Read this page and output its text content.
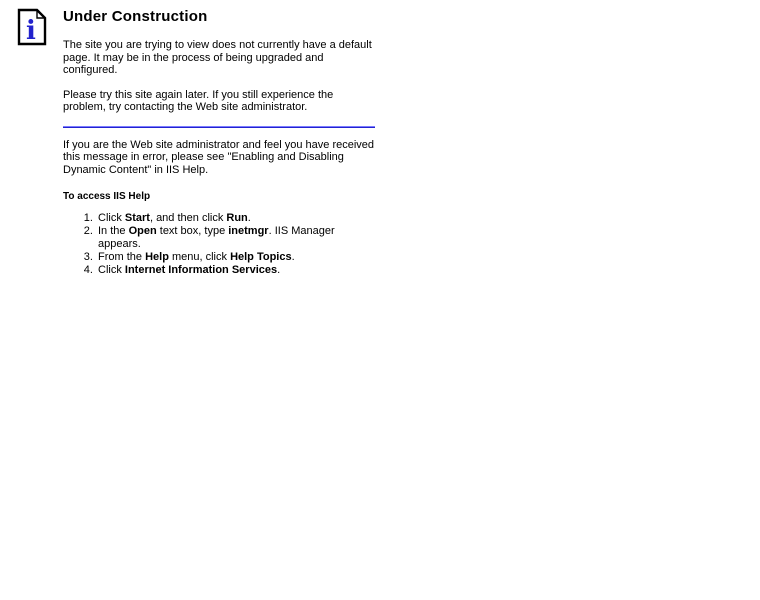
i Under Construction

The site you are trying to view does not currently have a default page. It may be in the process of being upgraded and configured.

Please try this site again later. If you still experience the problem, try contacting the Web site administrator.

If you are the Web site administrator and feel you have received this message in error, please see "Enabling and Disabling Dynamic Content" in IIS Help.

To access IIS Help
1. Click Start, and then click Run.
2. In the Open text box, type inetmgr. IIS Manager appears.
3. From the Help menu, click Help Topics.
4. Click Internet Information Services.
